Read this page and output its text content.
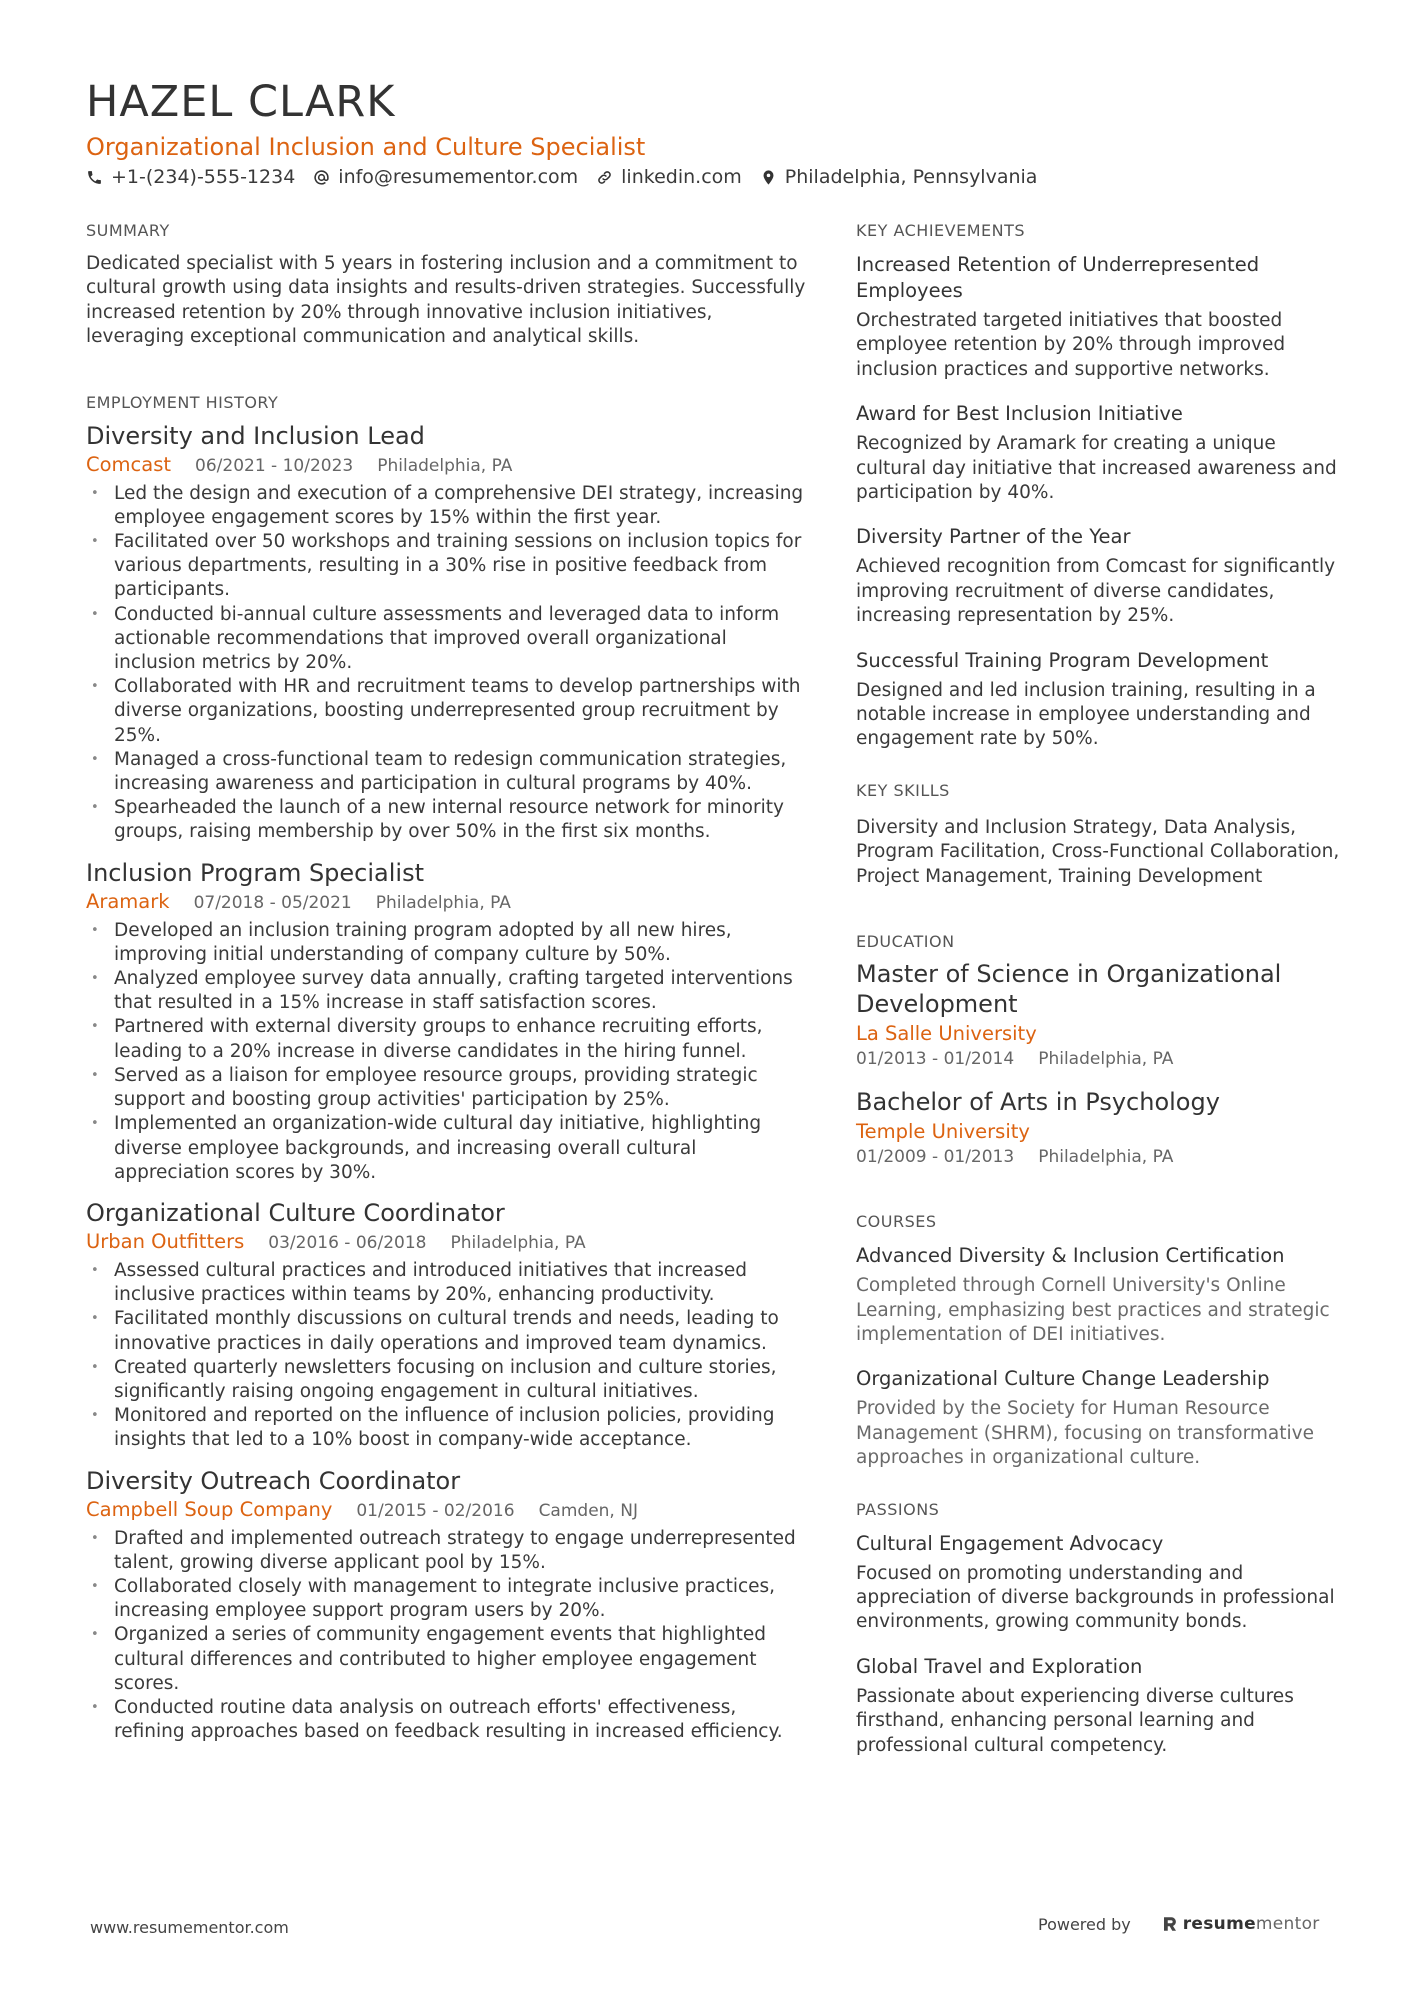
HAZEL CLARK
Organizational Inclusion and Culture Specialist
+1-(234)-555-1234 info@resumementor.com linkedin.com Philadelphia, Pennsylvania
SUMMARY

Dedicated specialist with 5 years in fostering inclusion and a commitment to cultural growth using data insights and results-driven strategies. Successfully increased retention by 20% through innovative inclusion initiatives, leveraging exceptional communication and analytical skills.

EMPLOYMENT HISTORY
Diversity and Inclusion Lead
Comcast 06/2021 - 10/2023 Philadelphia, PA
• Led the design and execution of a comprehensive DEI strategy, increasing employee engagement scores by 15% within the first year.
• Facilitated over 50 workshops and training sessions on inclusion topics for various departments, resulting in a 30% rise in positive feedback from participants.
• Conducted bi-annual culture assessments and leveraged data to inform actionable recommendations that improved overall organizational inclusion metrics by 20%.
• Collaborated with HR and recruitment teams to develop partnerships with diverse organizations, boosting underrepresented group recruitment by 25%.
• Managed a cross-functional team to redesign communication strategies, increasing awareness and participation in cultural programs by 40%.
• Spearheaded the launch of a new internal resource network for minority groups, raising membership by over 50% in the first six months.
Inclusion Program Specialist
Aramark 07/2018 - 05/2021 Philadelphia, PA
• Developed an inclusion training program adopted by all new hires, improving initial understanding of company culture by 50%.
• Analyzed employee survey data annually, crafting targeted interventions that resulted in a 15% increase in staff satisfaction scores.
• Partnered with external diversity groups to enhance recruiting efforts, leading to a 20% increase in diverse candidates in the hiring funnel.
• Served as a liaison for employee resource groups, providing strategic support and boosting group activities' participation by 25%.
• Implemented an organization-wide cultural day initiative, highlighting diverse employee backgrounds, and increasing overall cultural appreciation scores by 30%.
Organizational Culture Coordinator
Urban Outfitters 03/2016 - 06/2018 Philadelphia, PA
• Assessed cultural practices and introduced initiatives that increased inclusive practices within teams by 20%, enhancing productivity.
• Facilitated monthly discussions on cultural trends and needs, leading to innovative practices in daily operations and improved team dynamics.
• Created quarterly newsletters focusing on inclusion and culture stories, significantly raising ongoing engagement in cultural initiatives.
• Monitored and reported on the influence of inclusion policies, providing insights that led to a 10% boost in company-wide acceptance.
Diversity Outreach Coordinator
Campbell Soup Company 01/2015 - 02/2016 Camden, NJ
• Drafted and implemented outreach strategy to engage underrepresented talent, growing diverse applicant pool by 15%.
• Collaborated closely with management to integrate inclusive practices, increasing employee support program users by 20%.
• Organized a series of community engagement events that highlighted cultural differences and contributed to higher employee engagement scores.
• Conducted routine data analysis on outreach efforts' effectiveness, refining approaches based on feedback resulting in increased efficiency.
KEY ACHIEVEMENTS
Increased Retention of Underrepresented Employees
Orchestrated targeted initiatives that boosted employee retention by 20% through improved inclusion practices and supportive networks.
Award for Best Inclusion Initiative
Recognized by Aramark for creating a unique cultural day initiative that increased awareness and participation by 40%.
Diversity Partner of the Year
Achieved recognition from Comcast for significantly improving recruitment of diverse candidates, increasing representation by 25%.
Successful Training Program Development
Designed and led inclusion training, resulting in a notable increase in employee understanding and engagement rate by 50%.
KEY SKILLS

Diversity and Inclusion Strategy, Data Analysis, Program Facilitation, Cross-Functional Collaboration, Project Management, Training Development

EDUCATION
Master of Science in Organizational Development
La Salle University
01/2013 - 01/2014 Philadelphia, PA
Bachelor of Arts in Psychology
Temple University
01/2009 - 01/2013 Philadelphia, PA
COURSES
Advanced Diversity & Inclusion Certification
Completed through Cornell University's Online Learning, emphasizing best practices and strategic implementation of DEI initiatives.
Organizational Culture Change Leadership
Provided by the Society for Human Resource Management (SHRM), focusing on transformative approaches in organizational culture.
PASSIONS
Cultural Engagement Advocacy
Focused on promoting understanding and appreciation of diverse backgrounds in professional environments, growing community bonds.
Global Travel and Exploration
Passionate about experiencing diverse cultures firsthand, enhancing personal learning and professional cultural competency.
www.resumementor.com	Powered by	resume mentor
